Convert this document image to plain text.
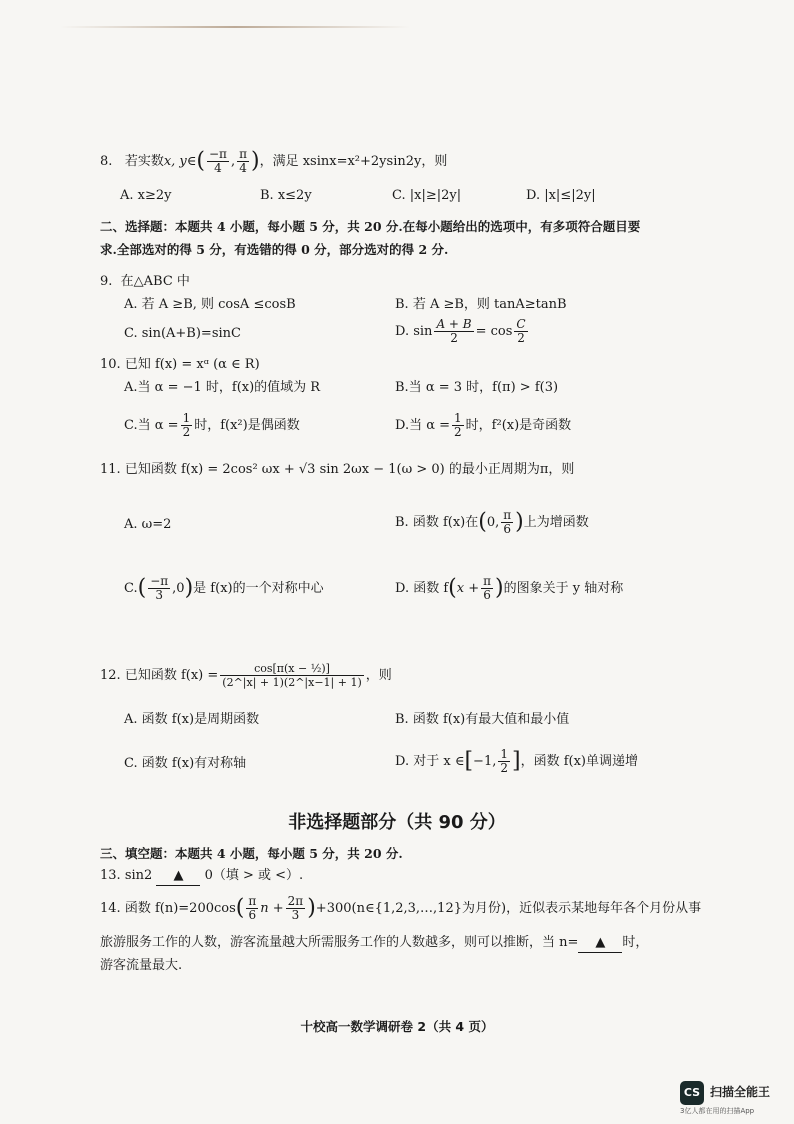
8. 若实数x, y∈( $\frac{-\pi}{4}$ , $\frac{\pi}{4}$ )，满足 xsinx=x²+2ysin2y，则
A. x≥2y	B. x≤2y	C. |x|≥|2y|	D. |x|≤|2y|
二、选择题：本题共 4 小题，每小题 5 分，共 20 分.在每小题给出的选项中，有多项符合题目要
求.全部选对的得 5 分，有选错的得 0 分，部分选对的得 2 分.
9. 在△ABC 中
A. 若 A ≥B, 则 cosA ≤cosB	B. 若 A ≥B，则 tanA≥tanB
C. sin(A+B)=sinC	D. $\sin \frac{A + B}{2} = \cos \frac{C}{2}$
10. 已知 f(x) = xᵅ (α ∈ R)
A.当 α = −1 时，f(x)的值域为 R	B.当 α = 3 时，f(π) > f(3)
C.当 $\alpha = \frac{1}{2}$ 时，f(x²)是偶函数	D.当 $\alpha = \frac{1}{2}$ 时，f²(x)是奇函数
11. 已知函数 f(x) = 2cos² ωx + √3 sin 2ωx − 1(ω > 0) 的最小正周期为π，则
A. ω=2	B. 函数 f(x)在(0, $\frac{\pi}{6}$ )上为增函数
$C.( \frac{-\pi}{3} ,0)$是 f(x)的一个对称中心	D. 函数 $f(x + \frac{\pi}{6}$ )的图象关于 y 轴对称
12. 已知函数 $f(x) = \frac{\text{cos[π(x − ½)]}}{(2\^{}|x| + 1)(2\^{}|x-1| + 1)}$ ，则
A. 函数 f(x)是周期函数	B. 函数 f(x)有最大值和最小值
C. 函数 f(x)有对称轴	D. 对于 x ∈[−1, $\frac{1}{2}$ ]，函数 f(x)单调递增
非选择题部分（共 90 分）
三、填空题：本题共 4 小题，每小题 5 分，共 20 分.
13. sin2 ▲ 0（填 > 或 <）.
14. 函数 $f(n)=200\cos( \frac{\pi}{6}$ $n + \frac{2\pi}{3}$ )+300(n∈{1,2,3,…,12}为月份)，近似表示某地每年各个月份从事
旅游服务工作的人数，游客流量越大所需服务工作的人数越多，则可以推断，当 n= ▲ 时，
游客流量最大.
十校高一数学调研卷 2（共 4 页）
CS 扫描全能王
3亿人都在用的扫描App
